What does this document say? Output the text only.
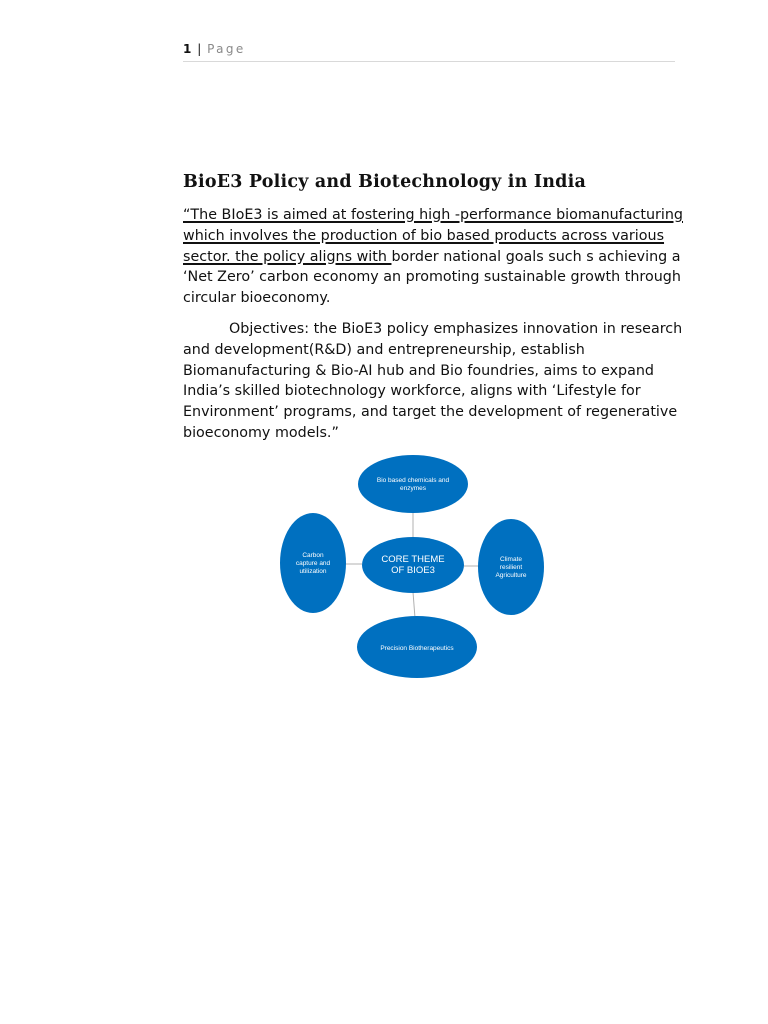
1 | Page
BioE3 Policy and Biotechnology in India
“The BIoE3 is aimed at fostering high -performance biomanufacturing
which involves the production of bio based products across various
sector. the policy aligns with border national goals such s achieving a
‘Net Zero’ carbon economy an promoting sustainable growth through
circular bioeconomy.
Objectives: the BioE3 policy emphasizes innovation in research
and development(R&D) and entrepreneurship, establish
Biomanufacturing & Bio-AI hub and Bio foundries, aims to expand
India’s skilled biotechnology workforce, aligns with ‘Lifestyle for
Environment’ programs, and target the development of regenerative
bioeconomy models.”
CORE THEME
OF BIOE3
Bio based chemicals and
enzymes
Carbon
capture and
utilization
Climate
resilient
Agriculture
Precision Biotherapeutics
